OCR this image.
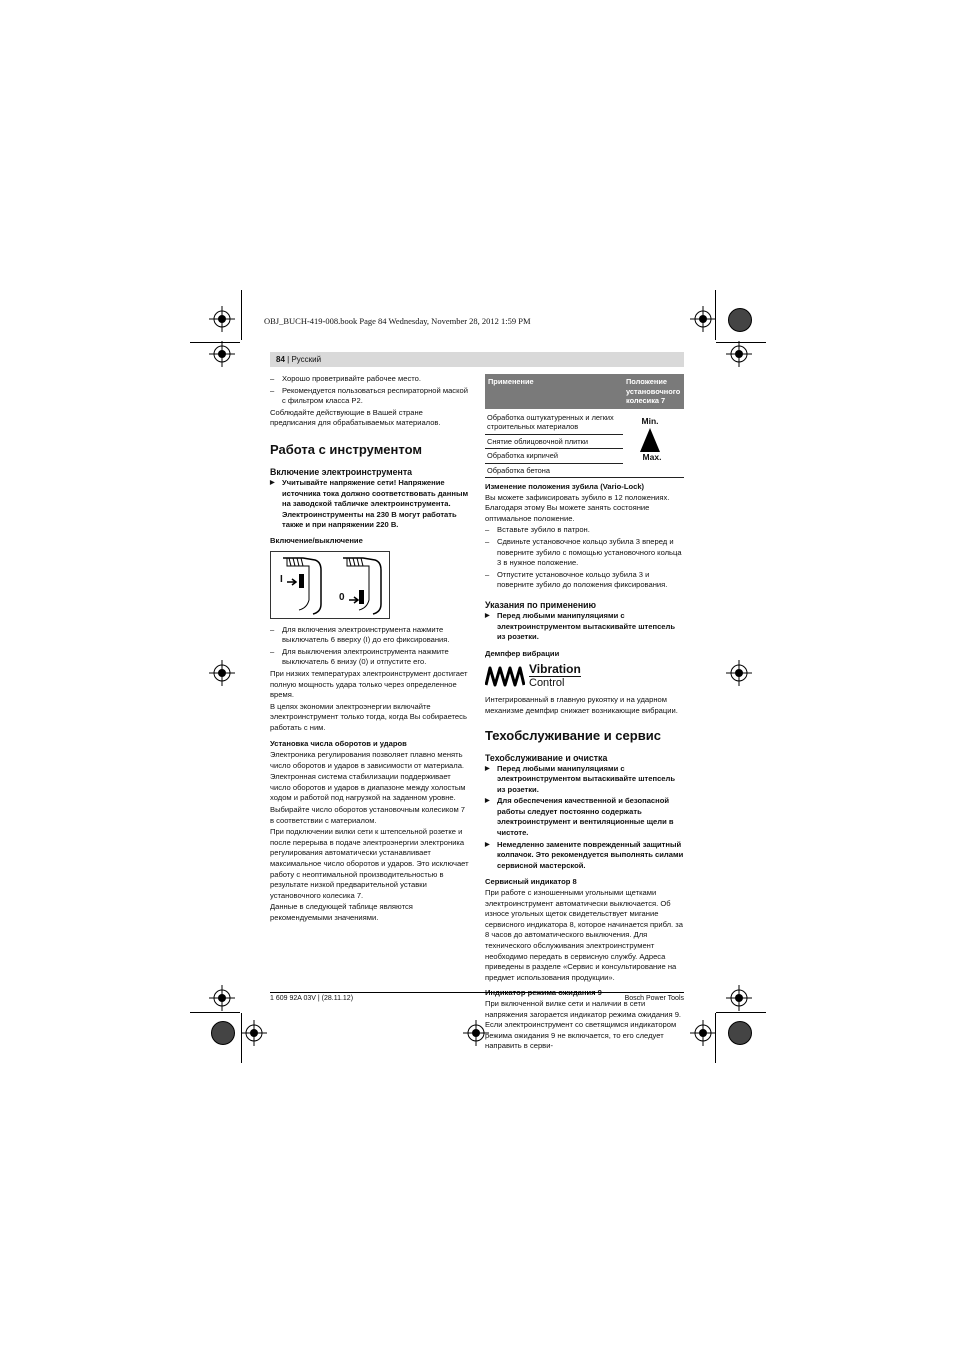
OBJ_BUCH-419-008.book Page 84 Wednesday, November 28, 2012 1:59 PM
84 | Русский

– Хорошо проветривайте рабочее место.

– Рекомендуется пользоваться респираторной маской с фильтром класса Р2.

Соблюдайте действующие в Вашей стране предписания для обрабатываемых материалов.

Работа с инструментом
Включение электроинструмента

▶ Учитывайте напряжение сети! Напряжение источника тока должно соответствовать данным на заводской табличке электроинструмента. Электроинструменты на 230 В могут работать также и при напряжении 220 В.

Включение/выключение
I
0

– Для включения электроинструмента нажмите выключатель 6 вверху (I) до его фиксирования.

– Для выключения электроинструмента нажмите выключатель 6 внизу (0) и отпустите его.

При низких температурах электроинструмент достигает полную мощность удара только через определенное время.

В целях экономии электроэнергии включайте электроинструмент только тогда, когда Вы собираетесь работать с ним.

Установка числа оборотов и ударов

Электроника регулирования позволяет плавно менять число оборотов и ударов в зависимости от материала.

Электронная система стабилизации поддерживает число оборотов и ударов в диапазоне между холостым ходом и работой под нагрузкой на заданном уровне.

Выбирайте число оборотов установочным колесиком 7 в соответствии с материалом.

При подключении вилки сети к штепсельной розетке и после перерыва в подаче электроэнергии электроника регулирования автоматически устанавливает максимальное число оборотов и ударов. Это исключает работу с неоптимальной производительностью в результате низкой предварительной уставки установочного колесика 7.

Данные в следующей таблице являются рекомендуемыми значениями.

Применение	Положение установочного колесика 7
Обработка оштукатуренных и легких строительных материалов	
Снятие облицовочной плитки	
Обработка кирпичей	
Обработка бетона	
Min.
Max.
Изменение положения зубила (Vario-Lock)

Вы можете зафиксировать зубило в 12 положениях. Благодаря этому Вы можете занять состояние оптимальное положение.

– Вставьте зубило в патрон.

– Сдвиньте установочное кольцо зубила 3 вперед и поверните зубило с помощью установочного кольца 3 в нужное положение.

– Отпустите установочное кольцо зубила 3 и поверните зубило до положения фиксирования.

Указания по применению

▶ Перед любыми манипуляциями с электроинструментом вытаскивайте штепсель из розетки.

Демпфер вибрации
Vibration
Control

Интегрированный в главную рукоятку и на ударном механизме демпфир снижает возникающие вибрации.

Техобслуживание и сервис
Техобслуживание и очистка

▶ Перед любыми манипуляциями с электроинструментом вытаскивайте штепсель из розетки.

▶ Для обеспечения качественной и безопасной работы следует постоянно содержать электроинструмент и вентиляционные щели в чистоте.

▶ Немедленно замените поврежденный защитный колпачок. Это рекомендуется выполнять силами сервисной мастерской.

Сервисный индикатор 8

При работе с изношенными угольными щетками электроинструмент автоматически выключается. Об износе угольных щеток свидетельствует мигание сервисного индикатора 8, которое начинается прибл. за 8 часов до автоматического выключения. Для технического обслуживания электроинструмент необходимо передать в сервисную службу. Адреса приведены в разделе «Сервис и консультирование на предмет использования продукции».

При включенной вилке сети и наличии в сети напряжения загорается индикатор режима ожидания 9. Если электроинструмент со светящимся индикатором режима ожидания 9 не включается, то его следует направить в серви-

1 609 92A 03V | (28.11.12)	Bosch Power Tools
